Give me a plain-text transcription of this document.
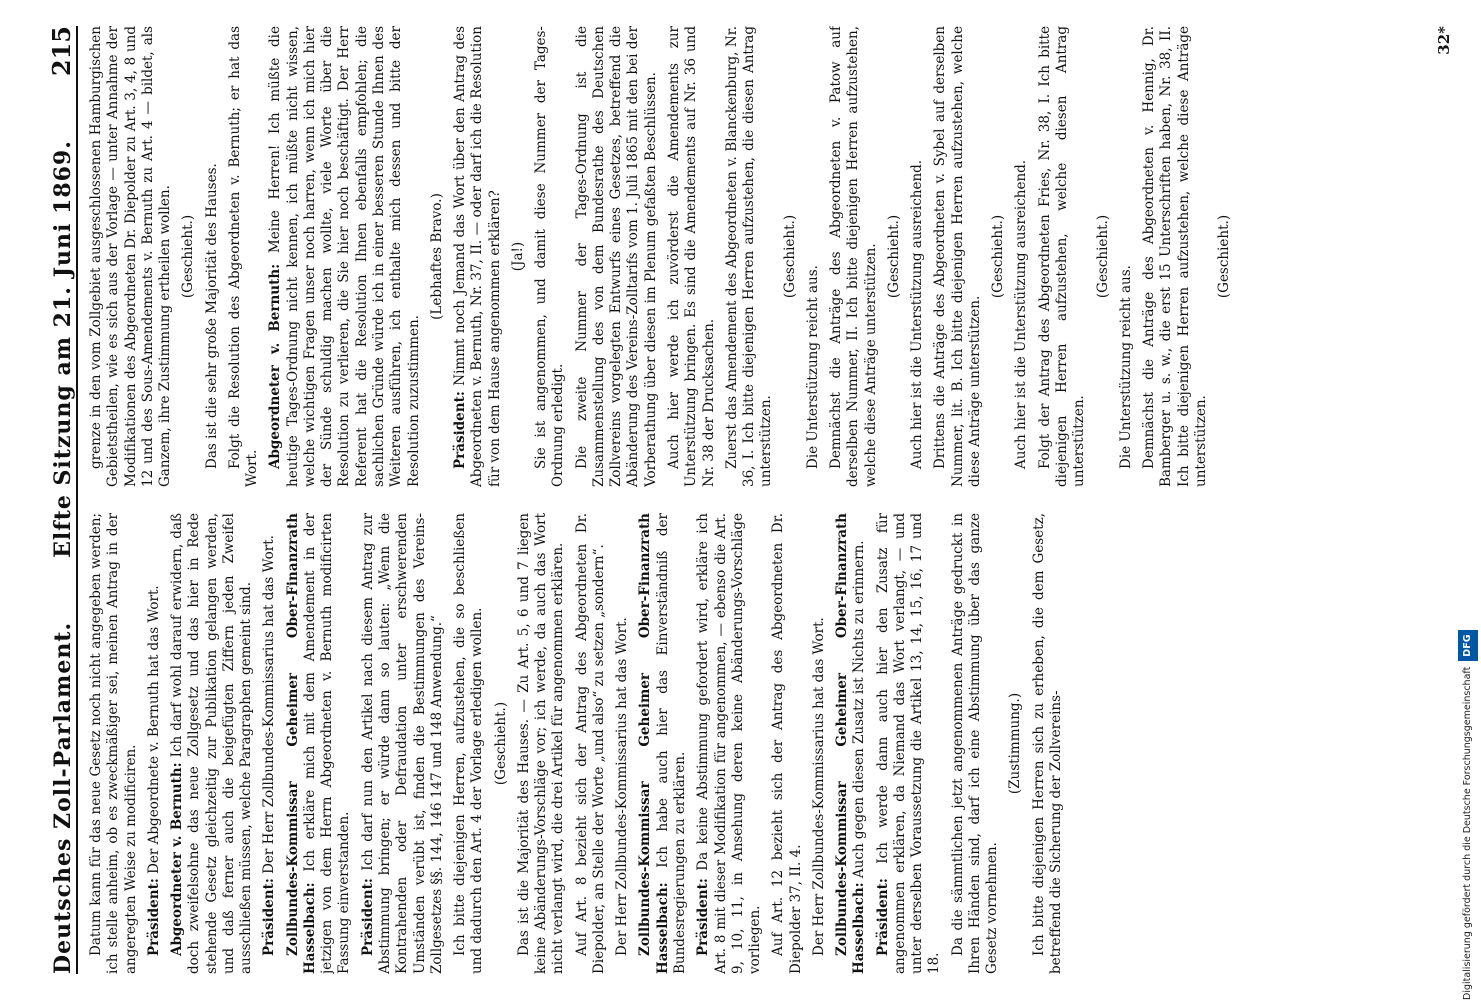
Deutsches Zoll-Parlament.
Elfte Sitzung am 21. Juni 1869.
215

Datum kann für das neue Gesetz noch nicht angegeben werden; ich stelle anheim, ob es zweckmäßiger sei, meinen Antrag in der angeregten Weise zu modificiren. Präsident: Der Abgeordnete v. Bernuth hat das Wort. Abgeordneter v. Bernuth: Ich darf wohl darauf erwidern, daß doch zweifelsohne das neue Zollgesetz und das hier in Rede stehende Gesetz gleichzeitig zur Publikation gelangen werden, und daß ferner auch die beigefügten Ziffern jeden Zweifel ausschließen müssen, welche Paragraphen gemeint sind. Präsident: Der Herr Zollbundes-Kommissarius hat das Wort. Zollbundes-Kommissar Geheimer Ober-Finanzrath Hasselbach: Ich erkläre mich mit dem Amendement in der jetzigen von dem Herrn Abgeordneten v. Bernuth modificirten Fassung einverstanden. Präsident: Ich darf nun den Artikel nach diesem Antrag zur Abstimmung bringen; er würde dann so lauten: „Wenn die Kontrahenden oder Defraudation unter erschwerenden Umständen verübt ist, finden die Bestimmungen des Vereins-Zollgesetzes §§. 144, 146 147 und 148 Anwendung.“ Ich bitte diejenigen Herren, aufzustehen, die so beschließen und dadurch den Art. 4 der Vorlage erledigen wollen. (Geschieht.) Das ist die Majorität des Hauses. — Zu Art. 5, 6 und 7 liegen keine Abänderungs-Vorschläge vor; ich werde, da auch das Wort nicht verlangt wird, die drei Artikel für angenommen erklären. Auf Art. 8 bezieht sich der Antrag des Abgeordneten Dr. Diepolder, an Stelle der Worte „und also“ zu setzen „sondern“. Der Herr Zollbundes-Kommissarius hat das Wort. Zollbundes-Kommissar Geheimer Ober-Finanzrath Hasselbach: Ich habe auch hier das Einverständniß der Bundesregierungen zu erklären. Präsident: Da keine Abstimmung gefordert wird, erkläre ich Art. 8 mit dieser Modifikation für angenommen, — ebenso die Art. 9, 10, 11, in Ansehung deren keine Abänderungs-Vorschläge vorliegen. Auf Art. 12 bezieht sich der Antrag des Abgeordneten Dr. Diepolder 37, II. 4. Der Herr Zollbundes-Kommissarius hat das Wort. Zollbundes-Kommissar Geheimer Ober-Finanzrath Hasselbach: Auch gegen diesen Zusatz ist Nichts zu erinnern.

Präsident: Ich werde dann auch hier den Zusatz für angenommen erklären, da Niemand das Wort verlangt, — und unter derselben Voraussetzung die Artikel 13, 14, 15, 16, 17 und 18.

Da die sämmtlichen jetzt angenommenen Anträge gedruckt in Ihren Händen sind, darf ich eine Abstimmung über das ganze Gesetz vornehmen.

(Zustimmung.) Ich bitte diejenigen Herren sich zu erheben, die dem Gesetz, betreffend die Sicherung der Zollvereins-

grenze in den vom Zollgebiet ausgeschlossenen Hamburgischen Gebietstheilen, wie es sich aus der Vorlage — unter Annahme der Modifikationen des Abgeordneten Dr. Diepolder zu Art. 3, 4, 8 und 12 und des Sous-Amendements v. Bernuth zu Art. 4 — bildet, als Ganzem, ihre Zustimmung ertheilen wollen. (Geschieht.) Das ist die sehr große Majorität des Hauses. Folgt die Resolution des Abgeordneten v. Bernuth; er hat das Wort. Abgeordneter v. Bernuth: Meine Herren! Ich müßte die heutige Tages-Ordnung nicht kennen, ich müßte nicht wissen, welche wichtigen Fragen unser noch harren, wenn ich mich hier der Sünde schuldig machen wollte, viele Worte über die Resolution zu verlieren, die Sie hier noch beschäftigt. Der Herr Referent hat die Resolution Ihnen ebenfalls empfohlen; die sachlichen Gründe würde ich in einer besseren Stunde Ihnen des Weiteren ausführen, ich enthalte mich dessen und bitte der Resolution zuzustimmen.

(Lebhaftes Bravo.)

Präsident: Nimmt noch Jemand das Wort über den Antrag des Abgeordneten v. Bernuth, Nr. 37, II. — oder darf ich die Resolution für von dem Hause angenommen erklären? (Ja!) Sie ist angenommen, und damit diese Nummer der Tages-Ordnung erledigt. Die zweite Nummer der Tages-Ordnung ist die Zusammenstellung des von dem Bundesrathe des Deutschen Zollvereins vorgelegten Entwurfs eines Gesetzes, betreffend die Abänderung des Vereins-Zolltarifs vom 1. Juli 1865 mit den bei der Vorberathung über diesen im Plenum gefaßten Beschlüssen. Auch hier werde ich zuvörderst die Amendements zur Unterstützung bringen. Es sind die Amendements auf Nr. 36 und Nr. 38 der Drucksachen. Zuerst das Amendement des Abgeordneten v. Blanckenburg, Nr. 36, I. Ich bitte diejenigen Herren aufzustehen, die diesen Antrag unterstützen.

(Geschieht.)

Die Unterstützung reicht aus. Demnächst die Anträge des Abgeordneten v. Patow auf derselben Nummer, II. Ich bitte diejenigen Herren aufzustehen, welche diese Anträge unterstützen. (Geschieht.) Auch hier ist die Unterstützung ausreichend. Drittens die Anträge des Abgeordneten v. Sybel auf derselben Nummer, lit. B. Ich bitte diejenigen Herren aufzustehen, welche diese Anträge unterstützen.

(Geschieht.) Auch hier ist die Unterstützung ausreichend. Folgt der Antrag des Abgeordneten Fries, Nr. 38, I. Ich bitte diejenigen Herren aufzustehen, welche diesen Antrag unterstützen.

(Geschieht.)

Die Unterstützung reicht aus. Demnächst die Anträge des Abgeordneten v. Hennig, Dr. Bamberger u. s. w., die erst 15 Unterschriften haben, Nr. 38, II. Ich bitte diejenigen Herren aufzustehen, welche diese Anträge unterstützen.

(Geschieht.)

32*
Digitalisierung gefördert durch die Deutsche ForschungsgemeinschaftDFG
